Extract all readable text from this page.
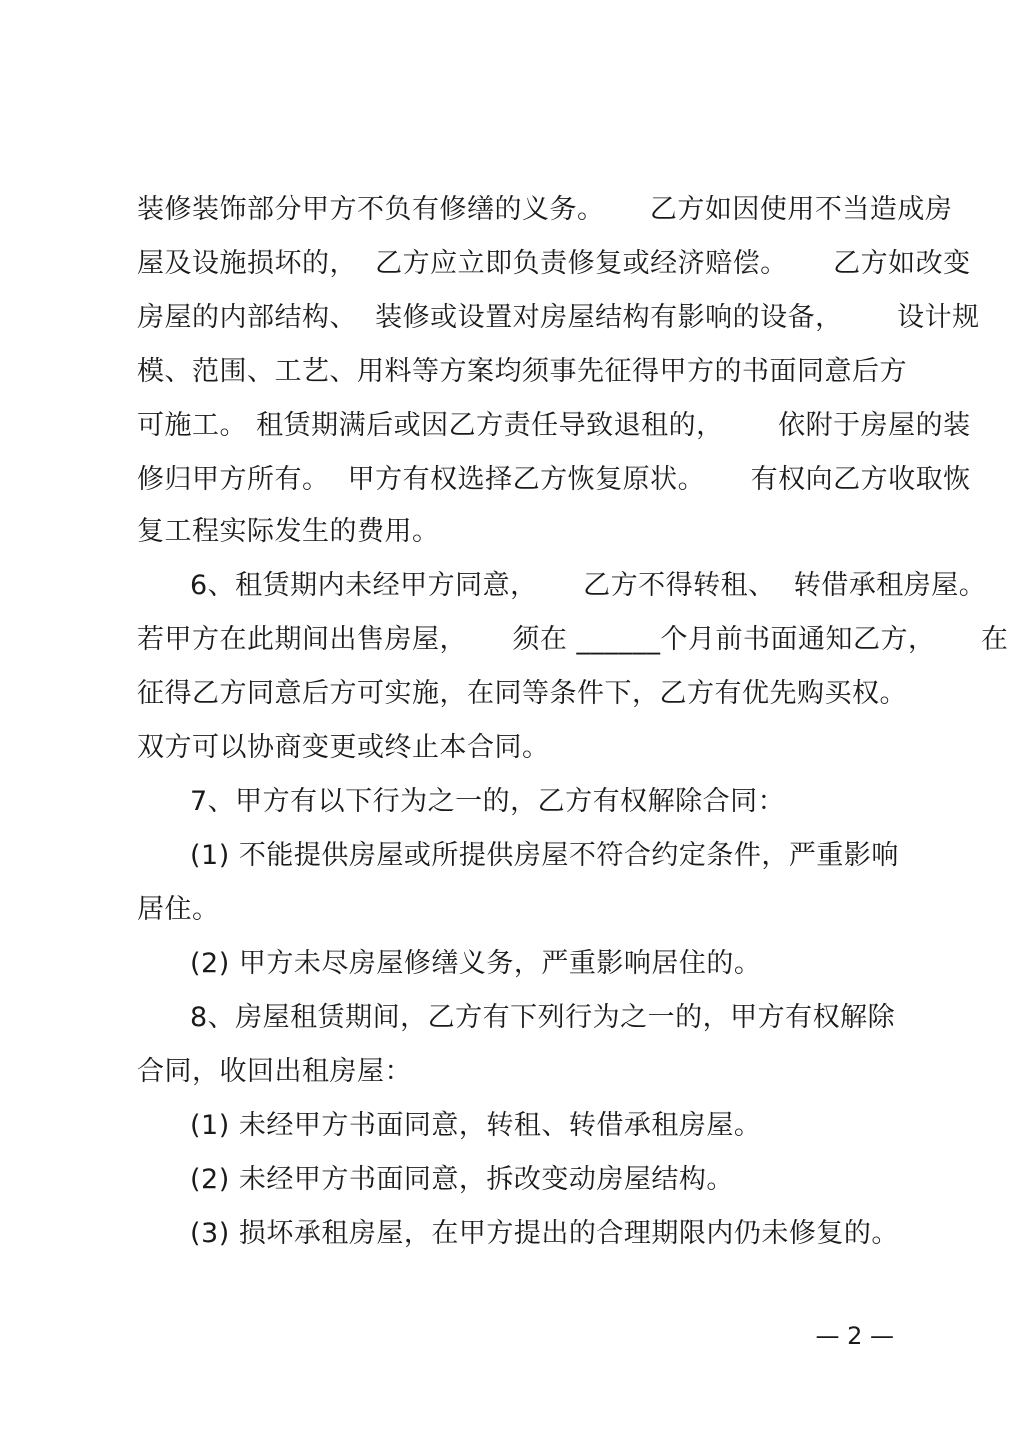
装修装饰部分甲方不负有修缮的义务。     乙方如因使用不当造成房
屋及设施损坏的，  乙方应立即负责修复或经济赔偿。     乙方如改变
房屋的内部结构、  装修或设置对房屋结构有影响的设备，      设计规
模、范围、工艺、用料等方案均须事先征得甲方的书面同意后方
可施工。 租赁期满后或因乙方责任导致退租的，      依附于房屋的装
修归甲方所有。  甲方有权选择乙方恢复原状。     有权向乙方收取恢
复工程实际发生的费用。
6、租赁期内未经甲方同意，     乙方不得转租、  转借承租房屋。
若甲方在此期间出售房屋，     须在 ______个月前书面通知乙方，     在
征得乙方同意后方可实施，在同等条件下，乙方有优先购买权。
双方可以协商变更或终止本合同。
7、甲方有以下行为之一的，乙方有权解除合同：
(1) 不能提供房屋或所提供房屋不符合约定条件，严重影响
居住。
(2) 甲方未尽房屋修缮义务，严重影响居住的。
8、房屋租赁期间，乙方有下列行为之一的，甲方有权解除
合同，收回出租房屋：
(1) 未经甲方书面同意，转租、转借承租房屋。
(2) 未经甲方书面同意，拆改变动房屋结构。
(3) 损坏承租房屋，在甲方提出的合理期限内仍未修复的。
— 2 —
